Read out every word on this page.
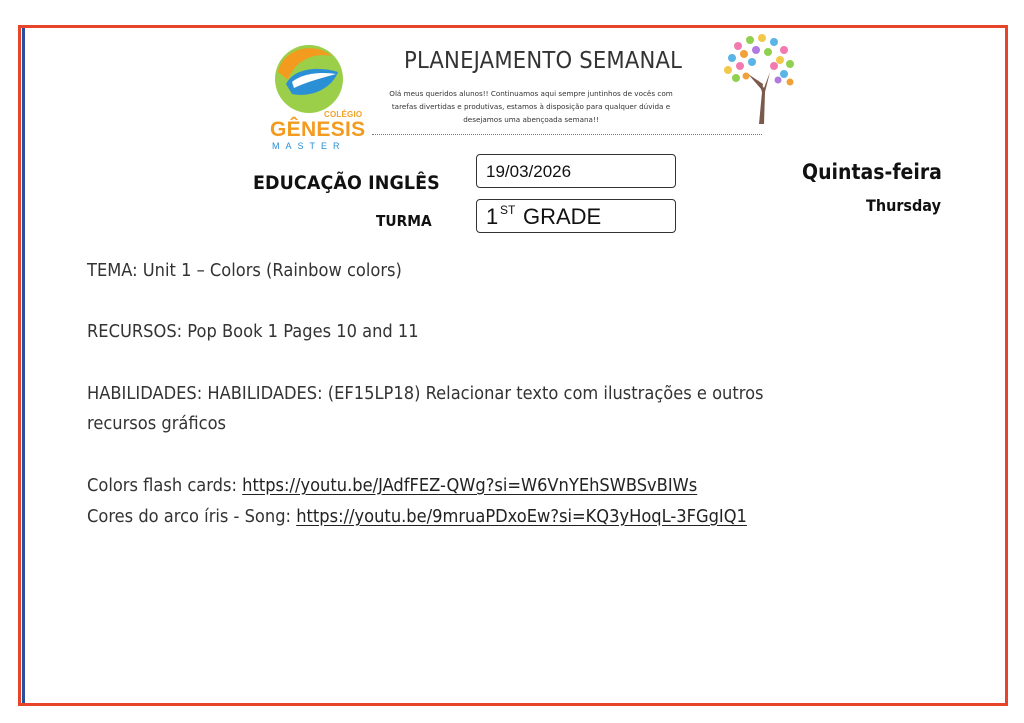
COLÉGIO
GÊNESIS
MASTER
PLANEJAMENTO SEMANAL
Olá meus queridos alunos!! Continuamos aqui sempre juntinhos de vocês com tarefas divertidas e produtivas, estamos à disposição para qualquer dúvida e desejamos uma abençoada semana!!
EDUCAÇÃO INGLÊS
19/03/2026
TURMA 1 ST GRADE
Quintas-feira
Thursday
TEMA: Unit 1 – Colors (Rainbow colors)
RECURSOS: Pop Book 1 Pages 10 and 11
HABILIDADES: HABILIDADES: (EF15LP18) Relacionar texto com ilustrações e outros
recursos gráficos
Colors flash cards: https://youtu.be/JAdfFEZ-QWg?si=W6VnYEhSWBSvBIWs
Cores do arco íris - Song: https://youtu.be/9mruaPDxoEw?si=KQ3yHoqL-3FGgIQ1
